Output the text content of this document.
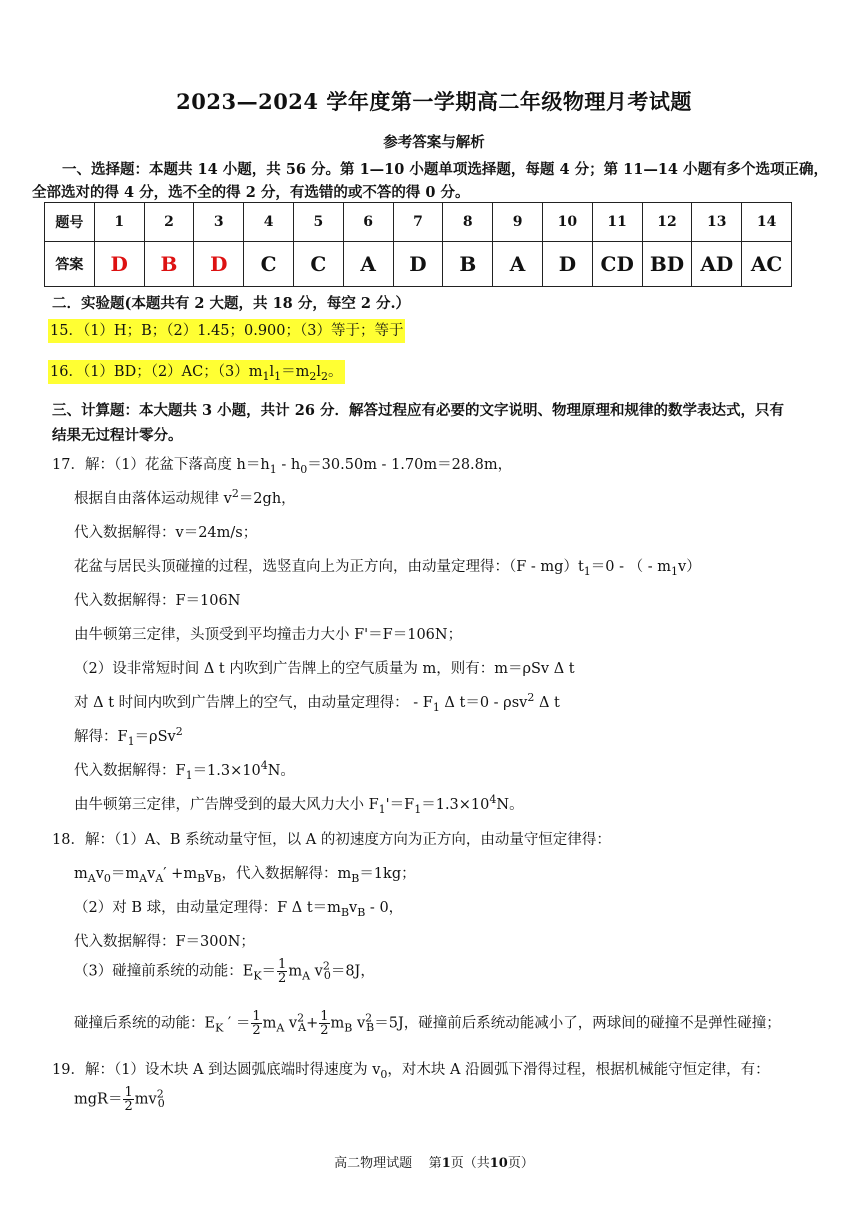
2023—2024 学年度第一学期高二年级物理月考试题
参考答案与解析
一、选择题：本题共 14 小题，共 56 分。第 1—10 小题单项选择题，每题 4 分；第 11—14 小题有多个选项正确，
全部选对的得 4 分，选不全的得 2 分，有选错的或不答的得 0 分。
题号	1	2	3	4	5	6	7	8	9	10	11	12	13	14
答案	D	B	D	C	C	A	D	B	A	D	CD	BD	AD	AC
二．实验题(本题共有 2 大题，共 18 分，每空 2 分.）
15．（1）H；B；（2）1.45；0.900；（3）等于；等于
16．（1）BD；（2）AC；$(3)m_1l_1=m_2l_2$。
三、计算题：本大题共 3 小题，共计 26 分．解答过程应有必要的文字说明、物理原理和规律的数学表达式，只有
结果无过程计零分。
17．解：（1）花盆下落高度 $h=h_1 - h_0=30.50m - 1.70m=28.8m$，
根据自由落体运动规律 $v^2=2gh$，
代入数据解得：v＝24m/s；
花盆与居民头顶碰撞的过程，选竖直向上为正方向，由动量定理得：$(F - mg)t_1=0$ - （ - $m_1v$）
代入数据解得：F＝106N
由牛顿第三定律，头顶受到平均撞击力大小 F'＝F＝106N；
（2）设非常短时间 Δ t 内吹到广告牌上的空气质量为 m，则有：m＝ρSv Δ t
对 Δ t 时间内吹到广告牌上的空气，由动量定理得： - $F_1$ Δ t＝0 - ρsv$^2$ Δ t
解得：$F_1=\rho Sv^2$
代入数据解得：$F_1=1.3\times 10^4N$。
由牛顿第三定律，广告牌受到的最大风力大小 $F_1'=F_1=1.3\times 10^4N$。
18．解：（1）A、B 系统动量守恒，以 A 的初速度方向为正方向，由动量守恒定律得：
$m_Av_0=m_Av_A' +m_Bv_B$，代入数据解得：$m_B=1kg$；
（2）对 B 球，由动量定理得：F Δ $t=m_Bv_B - 0$，
代入数据解得：F＝300N；
（3）碰撞前系统的动能：$E_K= \frac{1}{2} m_A$ $v^2_0=8J$，
碰撞后系统的动能：$E_K$ ′ ＝ $\frac{1}{2} m_A$ $v^2_A+ \frac{1}{2} m_B$ $v^2_B=5J$，碰撞前后系统动能减小了，两球间的碰撞不是弹性碰撞；
19．解：（1）设木块 A 到达圆弧底端时得速度为 $v_0$，对木块 A 沿圆弧下滑得过程，根据机械能守恒定律，有：
$mgR= \frac{1}{2} mv^2_0$
高二物理试题 第1页（共10页）
